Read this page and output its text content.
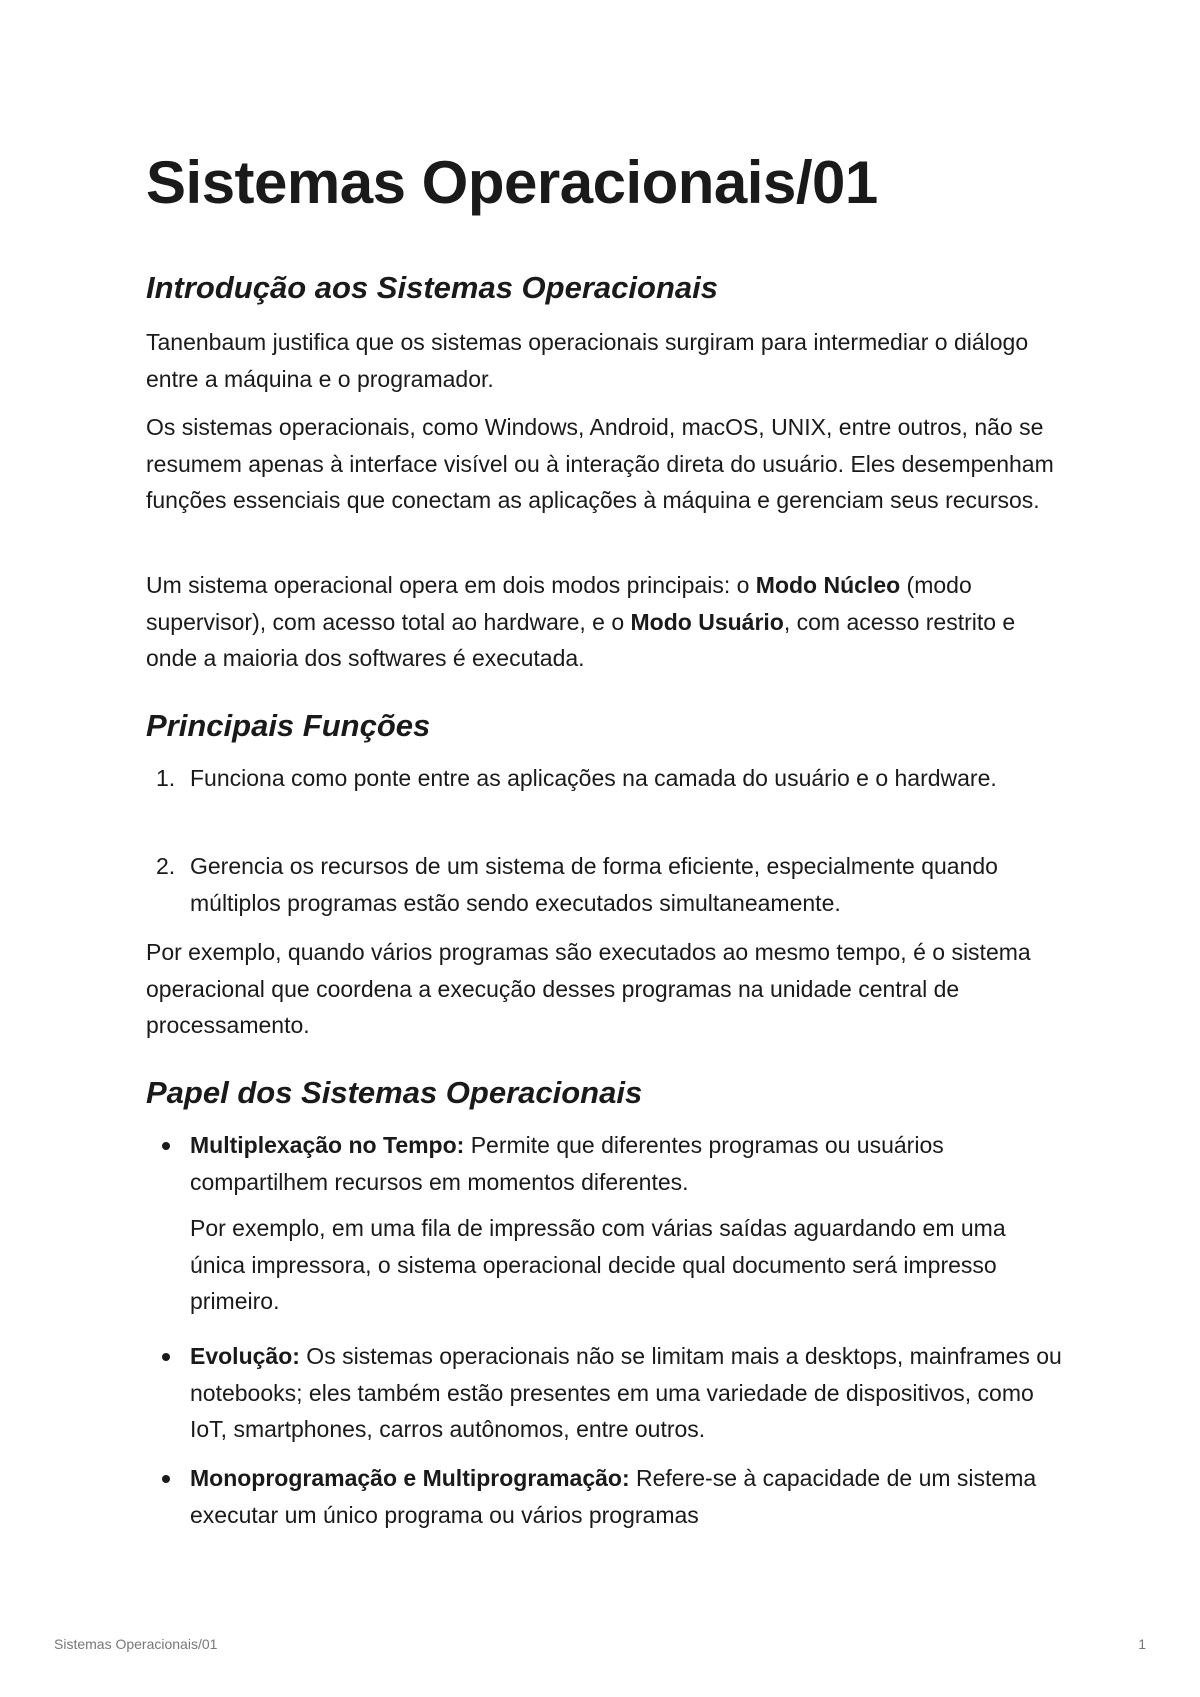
Sistemas Operacionais/01
Introdução aos Sistemas Operacionais

Tanenbaum justifica que os sistemas operacionais surgiram para intermediar o diálogo entre a máquina e o programador.

Os sistemas operacionais, como Windows, Android, macOS, UNIX, entre outros, não se resumem apenas à interface visível ou à interação direta do usuário. Eles desempenham funções essenciais que conectam as aplicações à máquina e gerenciam seus recursos.

Um sistema operacional opera em dois modos principais: o Modo Núcleo (modo supervisor), com acesso total ao hardware, e o Modo Usuário, com acesso restrito e onde a maioria dos softwares é executada.

Principais Funções
1. Funciona como ponte entre as aplicações na camada do usuário e o hardware.

2. Gerencia os recursos de um sistema de forma eficiente, especialmente quando múltiplos programas estão sendo executados simultaneamente.

Por exemplo, quando vários programas são executados ao mesmo tempo, é o sistema operacional que coordena a execução desses programas na unidade central de processamento.

Papel dos Sistemas Operacionais

Multiplexação no Tempo: Permite que diferentes programas ou usuários compartilhem recursos em momentos diferentes.

Por exemplo, em uma fila de impressão com várias saídas aguardando em uma única impressora, o sistema operacional decide qual documento será impresso primeiro.

Evolução: Os sistemas operacionais não se limitam mais a desktops, mainframes ou notebooks; eles também estão presentes em uma variedade de dispositivos, como IoT, smartphones, carros autônomos, entre outros.

Monoprogramação e Multiprogramação: Refere-se à capacidade de um sistema executar um único programa ou vários programas

Sistemas Operacionais/01	1
